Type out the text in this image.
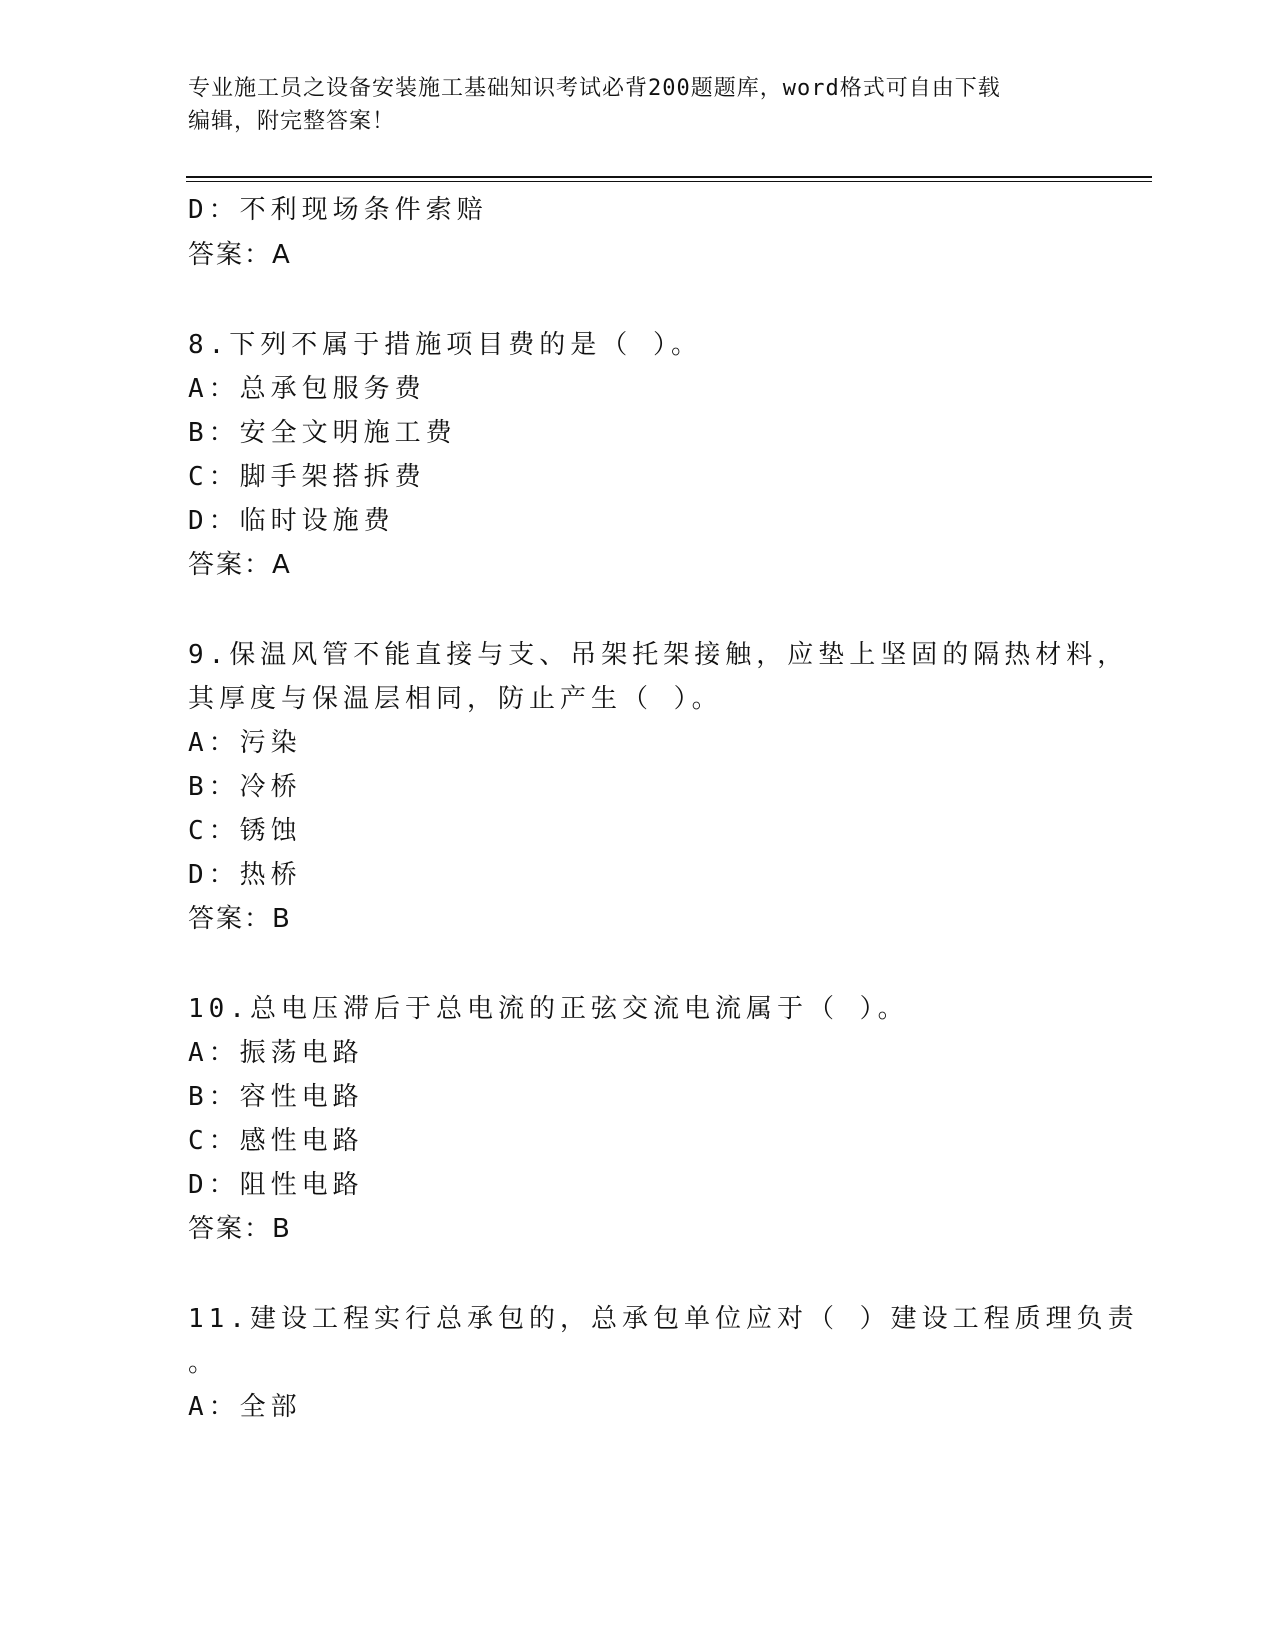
专业施工员之设备安装施工基础知识考试必背200题题库，word格式可自由下载
编辑，附完整答案！
D：不利现场条件索赔
答案：A
8.下列不属于措施项目费的是（ ）。
A：总承包服务费
B：安全文明施工费
C：脚手架搭拆费
D：临时设施费
答案：A
9.保温风管不能直接与支、吊架托架接触，应垫上坚固的隔热材料，
其厚度与保温层相同，防止产生（ ）。
A：污染
B：冷桥
C：锈蚀
D：热桥
答案：B
10.总电压滞后于总电流的正弦交流电流属于（ ）。
A：振荡电路
B：容性电路
C：感性电路
D：阻性电路
答案：B
11.建设工程实行总承包的，总承包单位应对（ ）建设工程质理负责
。
A：全部
